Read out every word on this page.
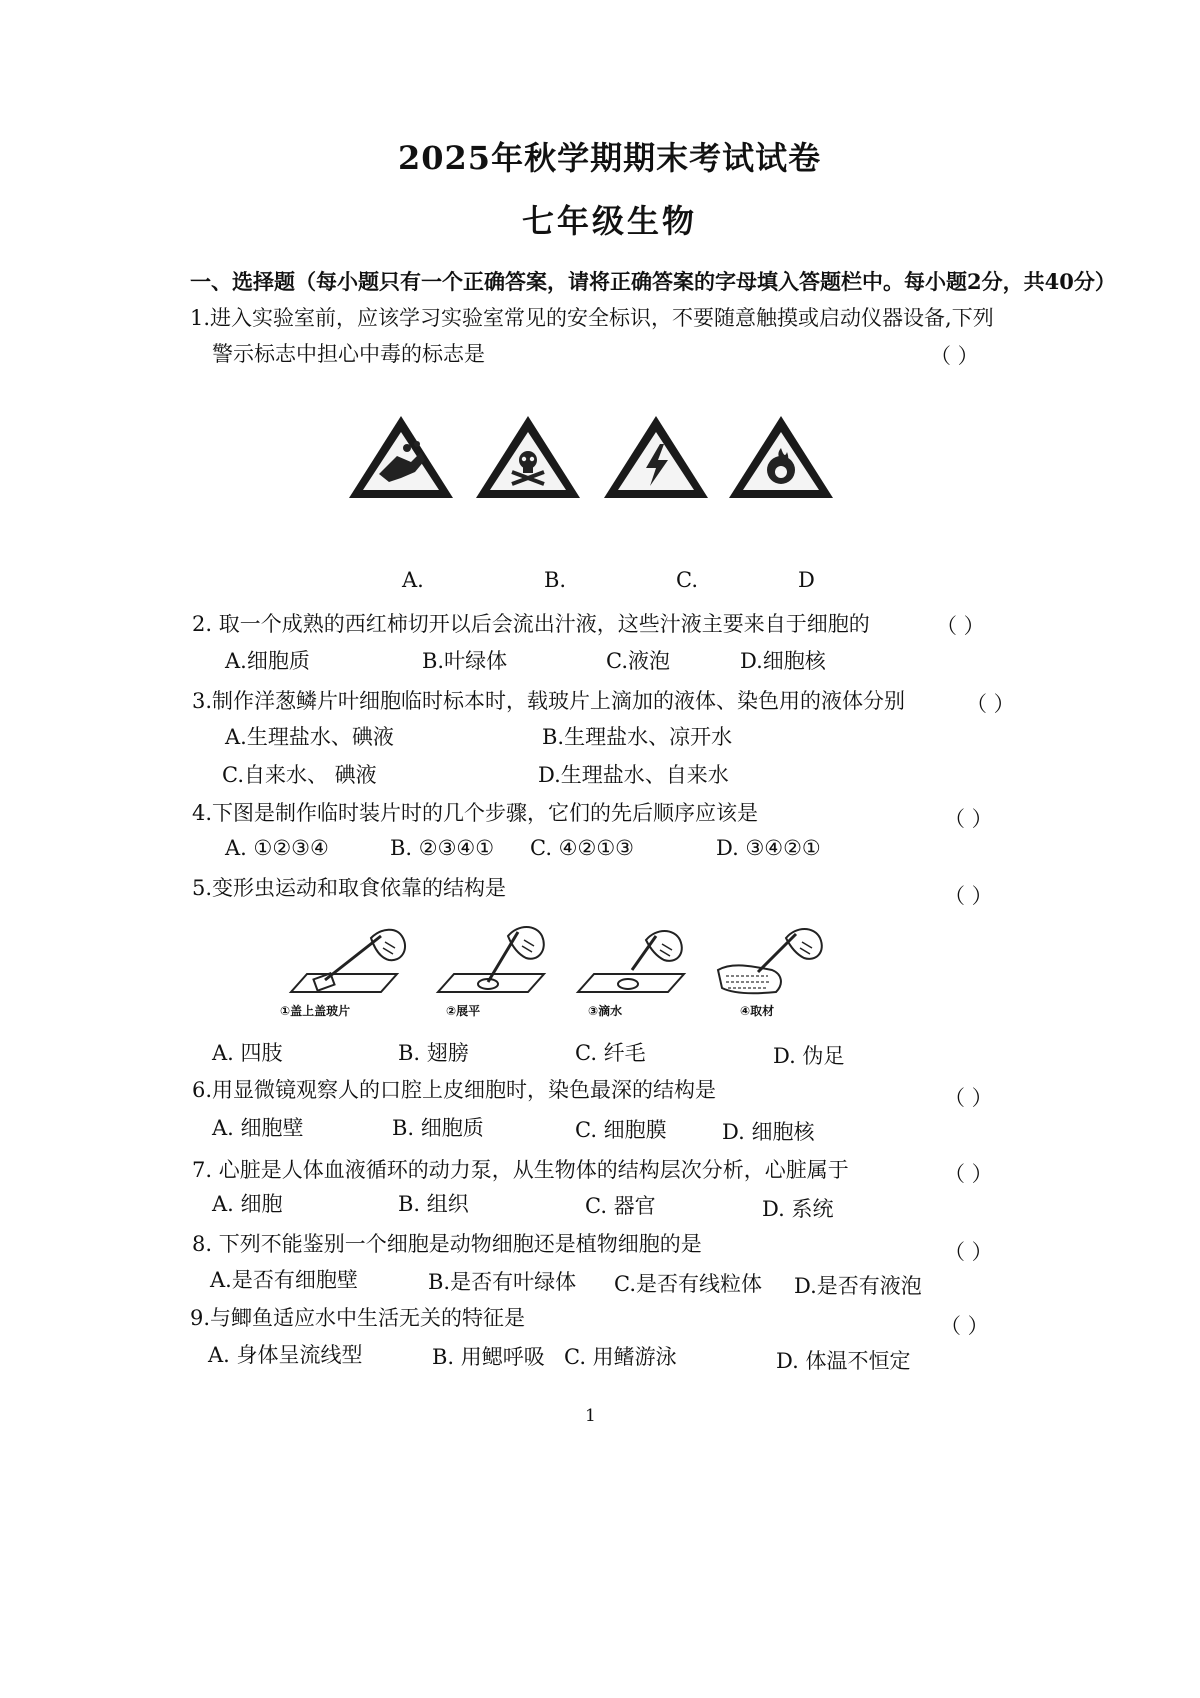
2025年秋学期期末考试试卷
七年级生物
一、选择题（每小题只有一个正确答案，请将正确答案的字母填入答题栏中。每小题2分，共40分）
1.进入实验室前，应该学习实验室常见的安全标识，不要随意触摸或启动仪器设备,下列
警示标志中担心中毒的标志是	（ ）
A.	B.	C.	D
2. 取一个成熟的西红柿切开以后会流出汁液，这些汁液主要来自于细胞的	（ ）
A.细胞质	B.叶绿体	C.液泡	D.细胞核
3.制作洋葱鳞片叶细胞临时标本时，载玻片上滴加的液体、染色用的液体分别	（ ）
A.生理盐水、碘液	B.生理盐水、凉开水
C.自来水、 碘液	D.生理盐水、自来水
4.下图是制作临时装片时的几个步骤，它们的先后顺序应该是	（ ）
A. ①②③④	B. ②③④① C. ④②①③	D. ③④②①
5.变形虫运动和取食依靠的结构是	（ ）
①盖上盖玻片	②展平	③滴水	④取材
A. 四肢	B. 翅膀	C. 纤毛	D. 伪足
6.用显微镜观察人的口腔上皮细胞时，染色最深的结构是	（ ）
A. 细胞壁	B. 细胞质	C. 细胞膜	D. 细胞核
7. 心脏是人体血液循环的动力泵，从生物体的结构层次分析，心脏属于	（ ）
A. 细胞	B. 组织	C. 器官	D. 系统
8. 下列不能鉴别一个细胞是动物细胞还是植物细胞的是	（ ）
A.是否有细胞壁	B.是否有叶绿体 C.是否有线粒体 D.是否有液泡
9.与鲫鱼适应水中生活无关的特征是	（ ）
A. 身体呈流线型	B. 用鳃呼吸 C. 用鳍游泳	D. 体温不恒定
1
